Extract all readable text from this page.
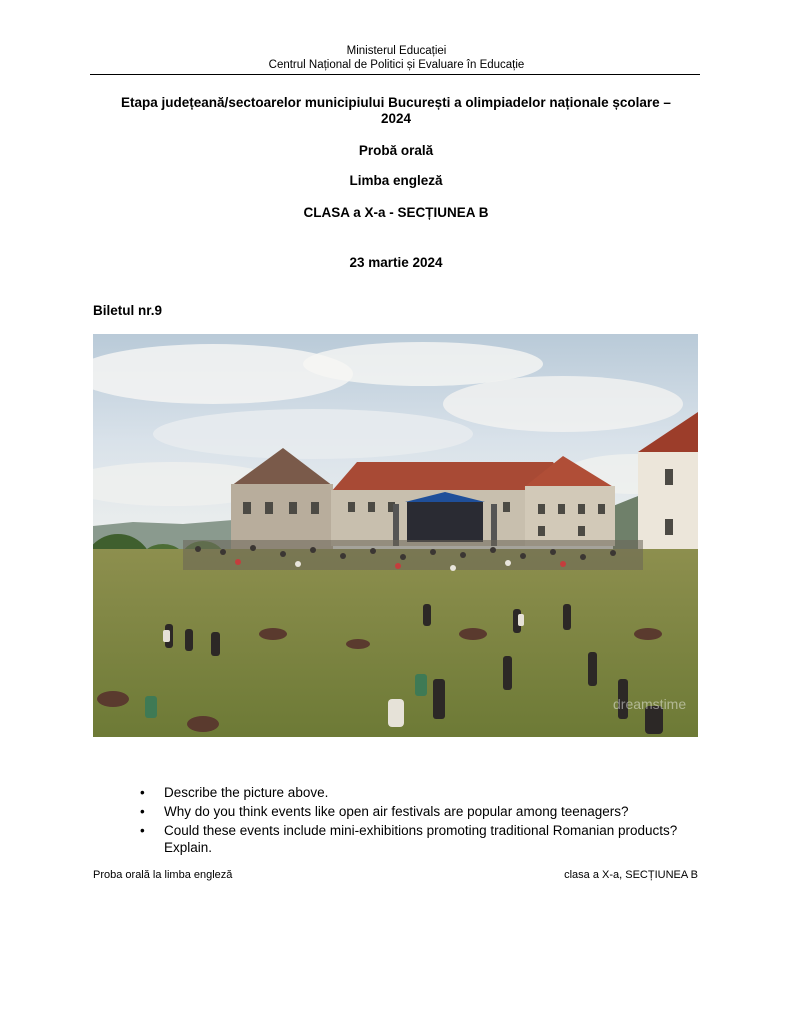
Ministerul Educației
Centrul Național de Politici și Evaluare în Educație
Etapa județeană/sectoarelor municipiului București a olimpiadelor naționale școlare –
2024
Probă orală
Limba engleză
CLASA a X-a - SECȚIUNEA B
23 martie 2024
Biletul nr.9
dreamstime
• Describe the picture above.
• Why do you think events like open air festivals are popular among teenagers?
• Could these events include mini-exhibitions promoting traditional Romanian products? Explain.
Proba orală la limba engleză	clasa a X-a, SECȚIUNEA B
